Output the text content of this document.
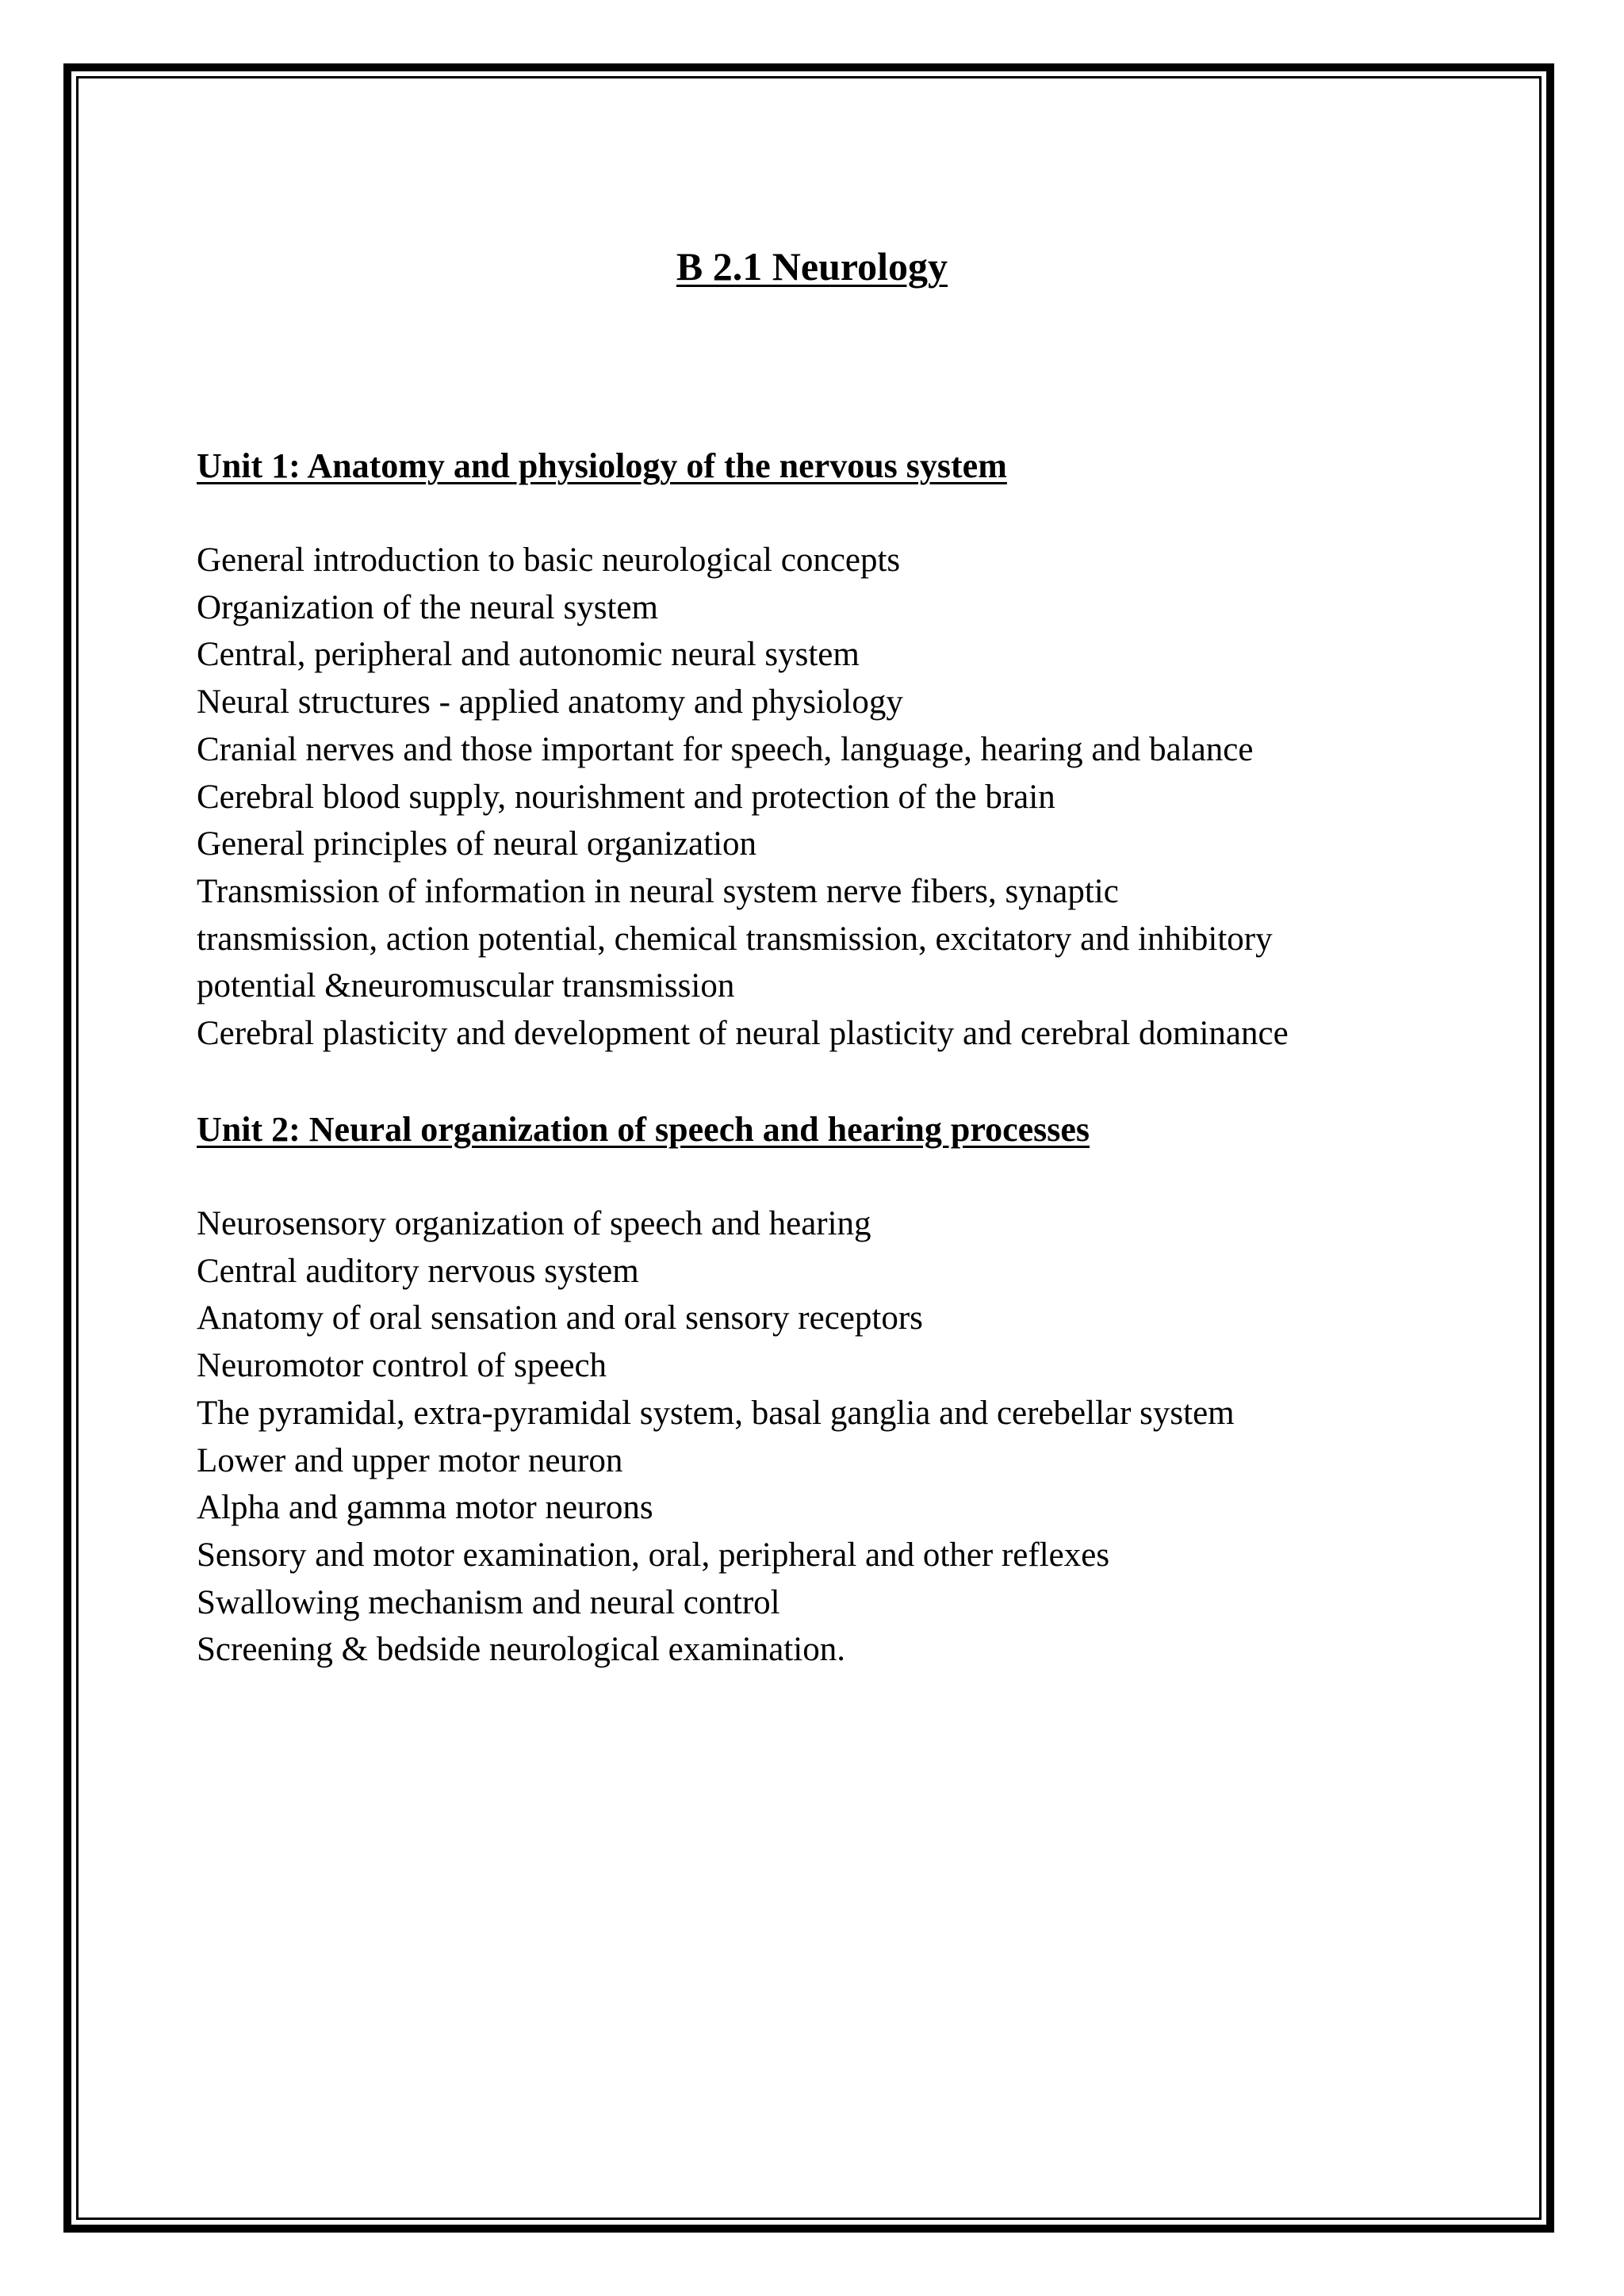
B 2.1 Neurology
Unit 1: Anatomy and physiology of the nervous system
General introduction to basic neurological concepts
Organization of the neural system
Central, peripheral and autonomic neural system
Neural structures - applied anatomy and physiology
Cranial nerves and those important for speech, language, hearing and balance
Cerebral blood supply, nourishment and protection of the brain
General principles of neural organization
Transmission of information in neural system nerve fibers, synaptic
transmission, action potential, chemical transmission, excitatory and inhibitory
potential &neuromuscular transmission
Cerebral plasticity and development of neural plasticity and cerebral dominance
Unit 2: Neural organization of speech and hearing processes
Neurosensory organization of speech and hearing
Central auditory nervous system
Anatomy of oral sensation and oral sensory receptors
Neuromotor control of speech
The pyramidal, extra-pyramidal system, basal ganglia and cerebellar system
Lower and upper motor neuron
Alpha and gamma motor neurons
Sensory and motor examination, oral, peripheral and other reflexes
Swallowing mechanism and neural control
Screening & bedside neurological examination.
